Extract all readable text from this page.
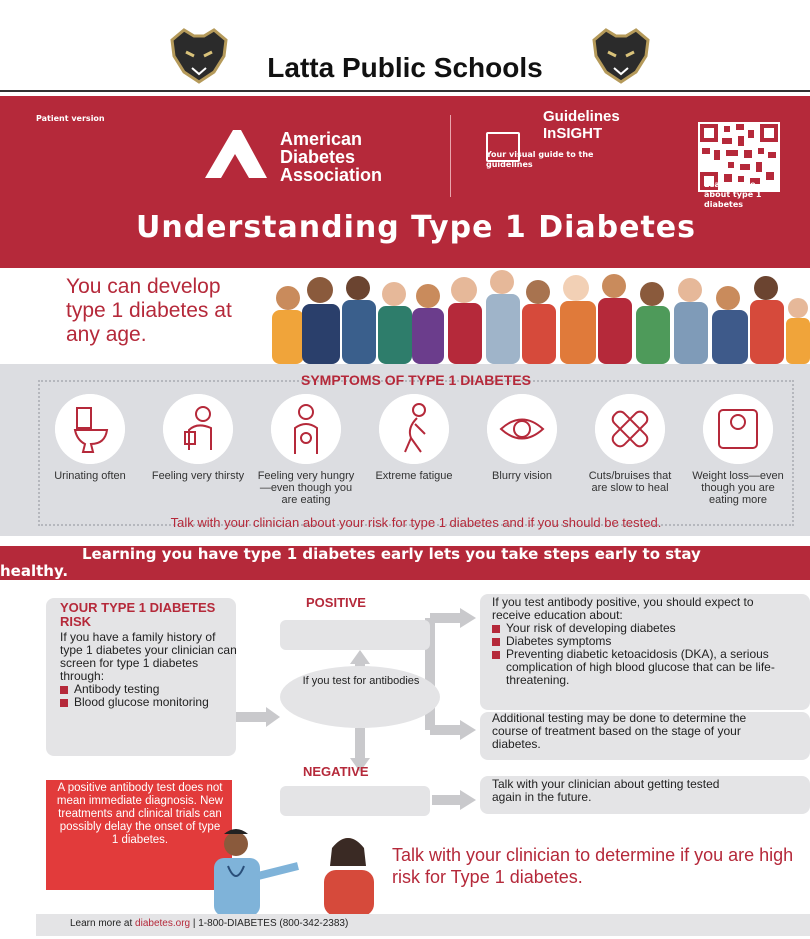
Latta Public Schools
Patient version
American
Diabetes
Association
Guidelines
InSIGHT
Your visual guide to the guidelines
Learn more about type 1 diabetes
Understanding Type 1 Diabetes
You can develop type 1 diabetes at any age.
SYMPTOMS OF TYPE 1 DIABETES
Urinating often	Feeling very thirsty	Feeling very hungry—even though you are eating
Extreme fatigue	Blurry vision	Cuts/bruises that are slow to heal
Weight loss—even though you are eating more
Talk with your clinician about your risk for type 1 diabetes and if you should be tested.
Learning you have type 1 diabetes early lets you take steps early to stay
healthy.
YOUR TYPE 1 DIABETES RISK
If you have a family history of type 1 diabetes your clinician can screen for type 1 diabetes through:
Antibody testing
Blood glucose monitoring
POSITIVE
If you test for antibodies
NEGATIVE
If you test antibody positive, you should expect to receive education about:
Your risk of developing diabetes
Diabetes symptoms
Preventing diabetic ketoacidosis (DKA), a serious complication of high blood glucose that can be life-threatening.
Additional testing may be done to determine the course of treatment based on the stage of your diabetes.
Talk with your clinician about getting tested again in the future.
A positive antibody test does not mean immediate diagnosis. New treatments and clinical trials can possibly delay the onset of type 1 diabetes.
Talk with your clinician to determine if you are high risk for Type 1 diabetes.
Learn more at diabetes.org | 1-800-DIABETES (800-342-2383)
